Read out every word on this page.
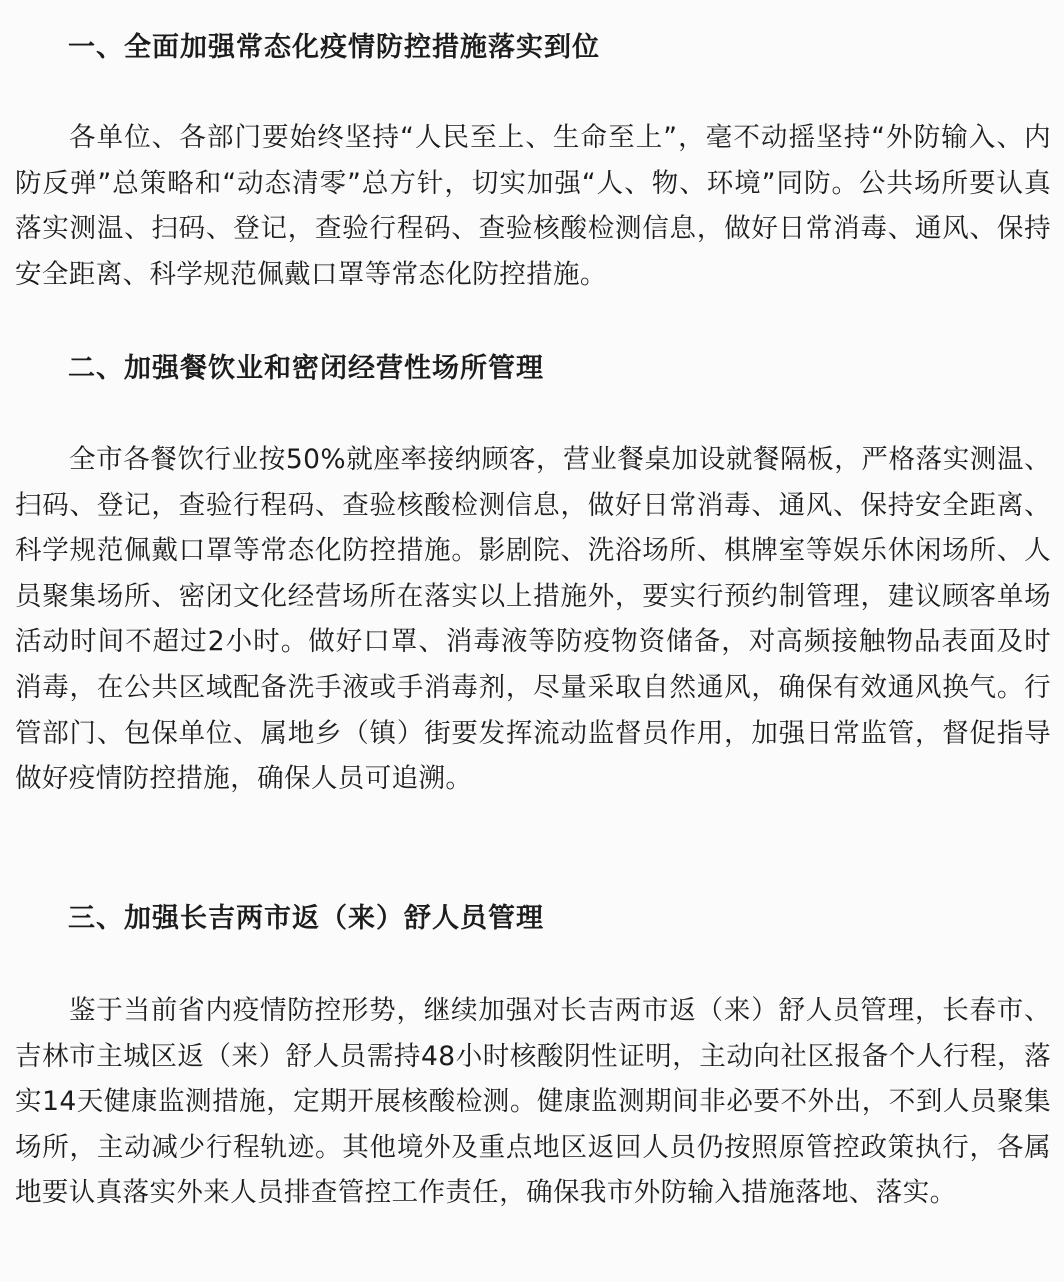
一、全面加强常态化疫情防控措施落实到位

各单位、各部门要始终坚持“人民至上、生命至上”，毫不动摇坚持“外防输入、内防反弹”总策略和“动态清零”总方针，切实加强“人、物、环境”同防。公共场所要认真落实测温、扫码、登记，查验行程码、查验核酸检测信息，做好日常消毒、通风、保持安全距离、科学规范佩戴口罩等常态化防控措施。

二、加强餐饮业和密闭经营性场所管理

全市各餐饮行业按50%就座率接纳顾客，营业餐桌加设就餐隔板，严格落实测温、扫码、登记，查验行程码、查验核酸检测信息，做好日常消毒、通风、保持安全距离、科学规范佩戴口罩等常态化防控措施。影剧院、洗浴场所、棋牌室等娱乐休闲场所、人员聚集场所、密闭文化经营场所在落实以上措施外，要实行预约制管理，建议顾客单场活动时间不超过2小时。做好口罩、消毒液等防疫物资储备，对高频接触物品表面及时消毒，在公共区域配备洗手液或手消毒剂，尽量采取自然通风，确保有效通风换气。行管部门、包保单位、属地乡（镇）街要发挥流动监督员作用，加强日常监管，督促指导做好疫情防控措施，确保人员可追溯。

三、加强长吉两市返（来）舒人员管理

鉴于当前省内疫情防控形势，继续加强对长吉两市返（来）舒人员管理，长春市、吉林市主城区返（来）舒人员需持48小时核酸阴性证明，主动向社区报备个人行程，落实14天健康监测措施，定期开展核酸检测。健康监测期间非必要不外出，不到人员聚集场所，主动减少行程轨迹。其他境外及重点地区返回人员仍按照原管控政策执行，各属地要认真落实外来人员排查管控工作责任，确保我市外防输入措施落地、落实。
